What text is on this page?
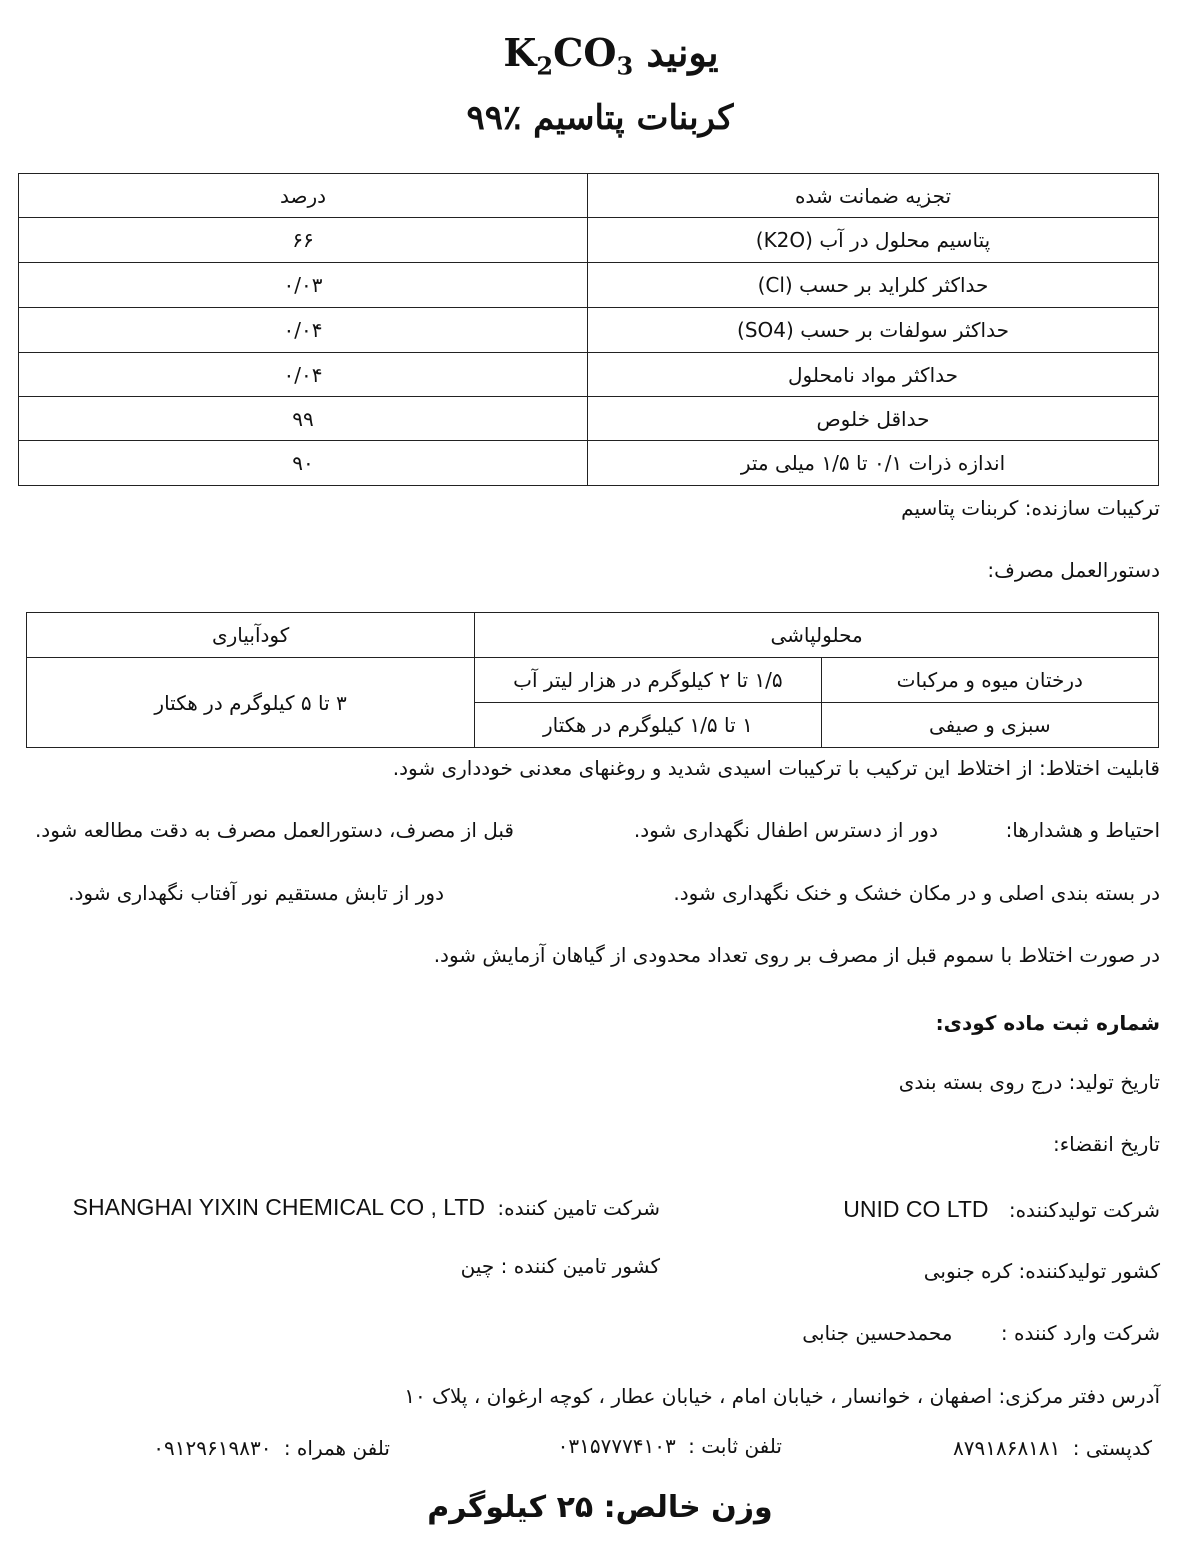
یونید $K_2CO_3$
کربنات پتاسیم ٪۹۹
تجزیه ضمانت شده	درصد
پتاسیم محلول در آب (K2O)	۶۶
حداکثر کلراید بر حسب (Cl)	۰/۰۳
حداکثر سولفات بر حسب (SO4)	۰/۰۴
حداکثر مواد نامحلول	۰/۰۴
حداقل خلوص	۹۹
اندازه ذرات ۰/۱ تا ۱/۵ میلی متر	۹۰
ترکیبات سازنده: کربنات پتاسیم
دستورالعمل مصرف:
محلولپاشی		کودآبیاری
درختان میوه و مرکبات	۱/۵ تا ۲ کیلوگرم در هزار لیتر آب	۳ تا ۵ کیلوگرم در هکتار
سبزی و صیفی	۱ تا ۱/۵ کیلوگرم در هکتار	
قابلیت اختلاط: از اختلاط این ترکیب با ترکیبات اسیدی شدید و روغنهای معدنی خودداری شود.
احتیاط و هشدارها:
دور از دسترس اطفال نگهداری شود.
قبل از مصرف، دستورالعمل مصرف به دقت مطالعه شود.
در بسته بندی اصلی و در مکان خشک و خنک نگهداری شود.
دور از تابش مستقیم نور آفتاب نگهداری شود.
در صورت اختلاط با سموم قبل از مصرف بر روی تعداد محدودی از گیاهان آزمایش شود.
شماره ثبت ماده کودی:
تاریخ تولید: درج روی بسته بندی
تاریخ انقضاء:
شرکت تولیدکننده: UNID CO LTD
شرکت تامین کننده: SHANGHAI YIXIN CHEMICAL CO , LTD
کشور تولیدکننده: کره جنوبی
کشور تامین کننده : چین
شرکت وارد کننده : محمدحسین جنابی
آدرس دفتر مرکزی: اصفهان ، خوانسار ، خیابان امام ، خیابان عطار ، کوچه ارغوان ، پلاک ۱۰
کدپستی : ۸۷۹۱۸۶۸۱۸۱
تلفن ثابت : ۰۳۱۵۷۷۷۴۱۰۳
تلفن همراه : ۰۹۱۲۹۶۱۹۸۳۰
وزن خالص: ۲۵ کیلوگرم
